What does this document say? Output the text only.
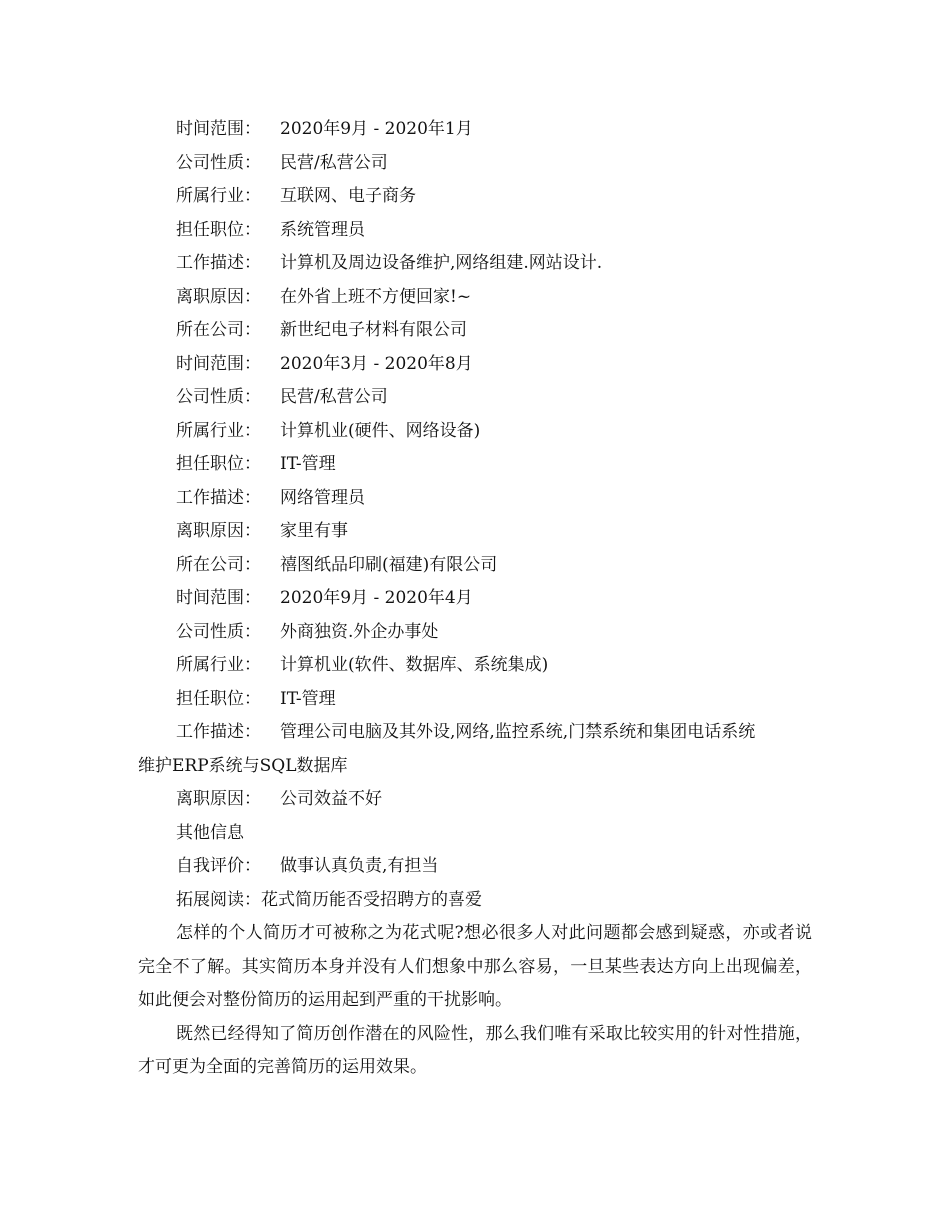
时间范围： 2020年9月 - 2020年1月
公司性质： 民营/私营公司
所属行业： 互联网、电子商务
担任职位： 系统管理员
工作描述： 计算机及周边设备维护,网络组建.网站设计.
离职原因： 在外省上班不方便回家!~
所在公司： 新世纪电子材料有限公司
时间范围： 2020年3月 - 2020年8月
公司性质： 民营/私营公司
所属行业： 计算机业(硬件、网络设备)
担任职位： IT-管理
工作描述： 网络管理员
离职原因： 家里有事
所在公司： 禧图纸品印刷(福建)有限公司
时间范围： 2020年9月 - 2020年4月
公司性质： 外商独资.外企办事处
所属行业： 计算机业(软件、数据库、系统集成)
担任职位： IT-管理
工作描述： 管理公司电脑及其外设,网络,监控系统,门禁系统和集团电话系统
维护ERP系统与SQL数据库
离职原因： 公司效益不好
其他信息
自我评价： 做事认真负责,有担当
拓展阅读：花式简历能否受招聘方的喜爱

怎样的个人简历才可被称之为花式呢?想必很多人对此问题都会感到疑惑，亦或者说完全不了解。其实简历本身并没有人们想象中那么容易，一旦某些表达方向上出现偏差，如此便会对整份简历的运用起到严重的干扰影响。

既然已经得知了简历创作潜在的风险性，那么我们唯有采取比较实用的针对性措施，才可更为全面的完善简历的运用效果。
